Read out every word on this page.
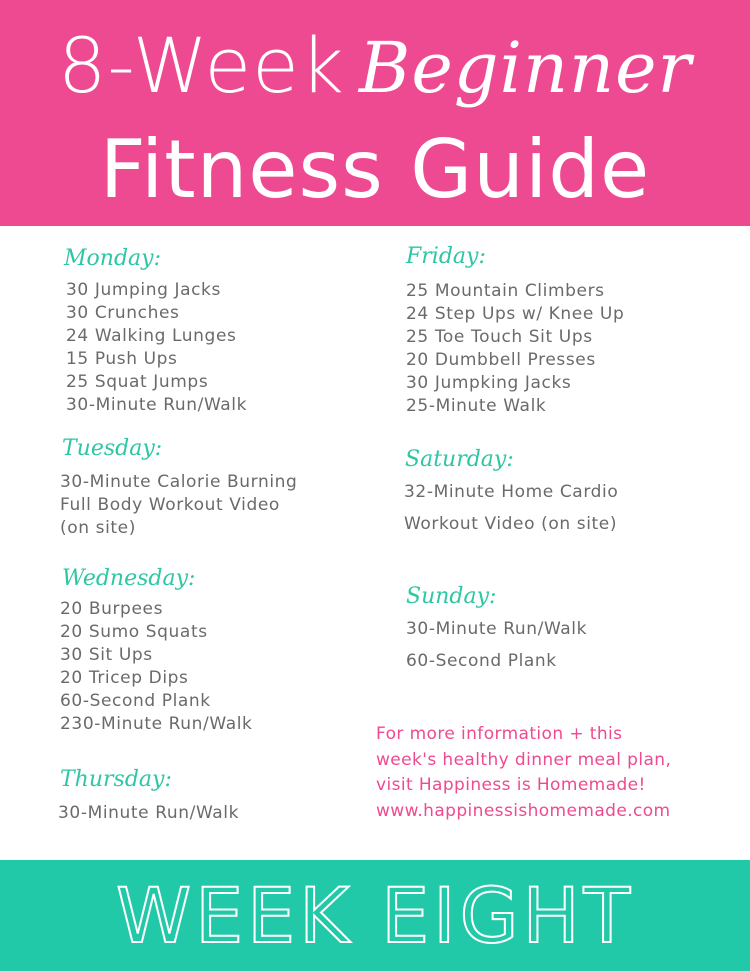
8-Week Beginner
Fitness Guide
Monday:
30 Jumping Jacks
30 Crunches
24 Walking Lunges
15 Push Ups
25 Squat Jumps
30-Minute Run/Walk
Tuesday:
30-Minute Calorie Burning
Full Body Workout Video
(on site)
Wednesday:
20 Burpees
20 Sumo Squats
30 Sit Ups
20 Tricep Dips
60-Second Plank
230-Minute Run/Walk
Thursday:
30-Minute Run/Walk
Friday:
25 Mountain Climbers
24 Step Ups w/ Knee Up
25 Toe Touch Sit Ups
20 Dumbbell Presses
30 Jumpking Jacks
25-Minute Walk
Saturday:
32-Minute Home Cardio
Workout Video (on site)
Sunday:
30-Minute Run/Walk
60-Second Plank
For more information + this
week's healthy dinner meal plan,
visit Happiness is Homemade!
www.happinessishomemade.com
WEEK EIGHT
